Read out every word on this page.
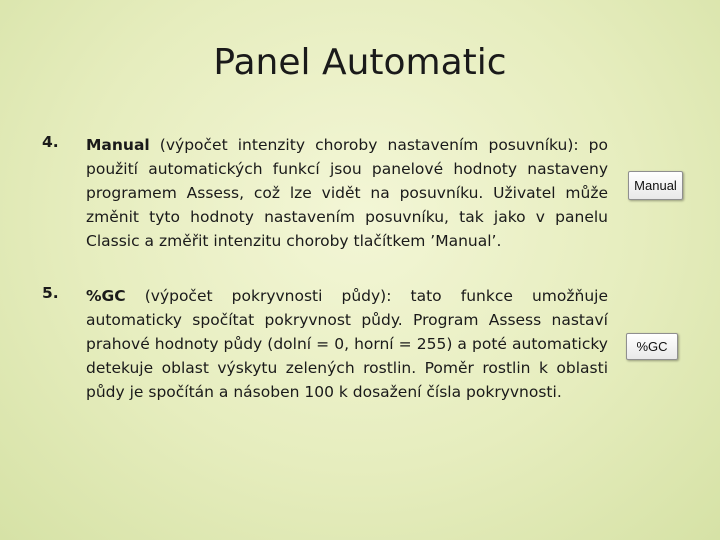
Panel Automatic
4. Manual (výpočet intenzity choroby nastavením posuvníku): po použití automatických funkcí jsou panelové hodnoty nastaveny programem Assess, což lze vidět na posuvníku. Uživatel může změnit tyto hodnoty nastavením posuvníku, tak jako v panelu Classic a změřit intenzitu choroby tlačítkem ’Manual’.

Manual
5. %GC (výpočet pokryvnosti půdy): tato funkce umožňuje automaticky spočítat pokryvnost půdy. Program Assess nastaví prahové hodnoty půdy (dolní = 0, horní = 255) a poté automaticky detekuje oblast výskytu zelených rostlin. Poměr rostlin k oblasti půdy je spočítán a násoben 100 k dosažení čísla pokryvnosti.

%GC
